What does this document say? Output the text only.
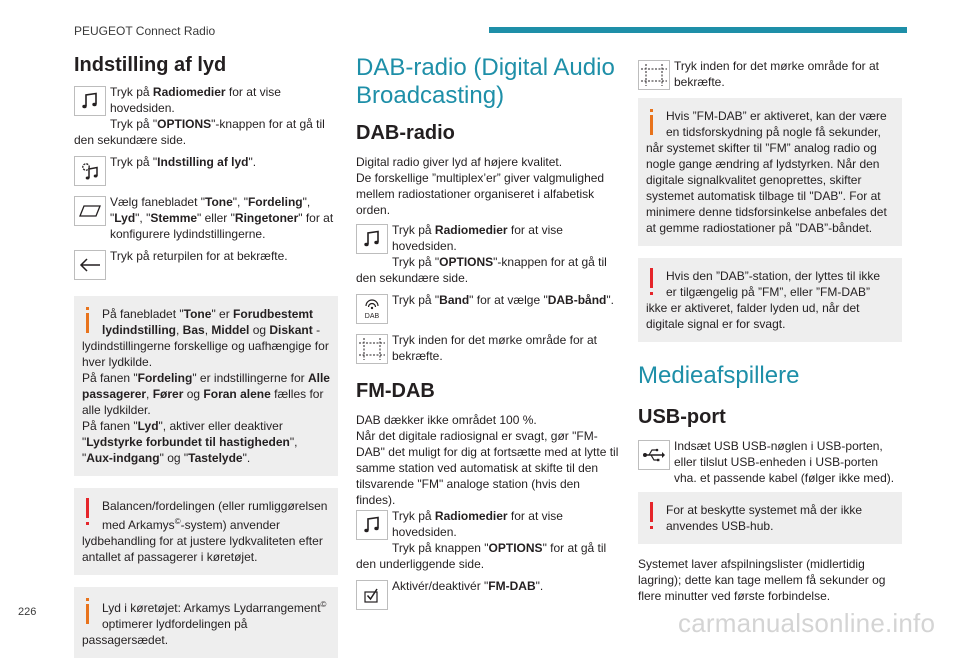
PEUGEOT Connect Radio
Indstilling af lyd
Tryk på Radiomedier for at vise hovedsiden.
Tryk på "OPTIONS"-knappen for at gå til den sekundære side.
Tryk på "Indstilling af lyd".
Vælg fanebladet "Tone", "Fordeling", "Lyd", "Stemme" eller "Ringetoner" for at konfigurere lydindstillingerne.
Tryk på returpilen for at bekræfte.

På fanebladet "Tone" er Forudbestemt lydindstilling, Bas, Middel og Diskant -lydindstillingerne forskellige og uafhængige for hver lydkilde.

På fanen "Fordeling" er indstillingerne for Alle passagerer, Fører og Foran alene fælles for alle lydkilder.

På fanen "Lyd", aktiver eller deaktiver "Lydstyrke forbundet til hastigheden", "Aux-indgang" og "Tastelyde".

Balancen/fordelingen (eller rumliggørelsen med Arkamys©-system) anvender lydbehandling for at justere lydkvaliteten efter antallet af passagerer i køretøjet.

Lyd i køretøjet: Arkamys Lydarrangement© optimerer lydfordelingen på passagersædet.

DAB-radio (Digital Audio Broadcasting)
DAB-radio

Digital radio giver lyd af højere kvalitet.

De forskellige ”multiplex’er” giver valgmulighed mellem radiostationer organiseret i alfabetisk orden.

Tryk på Radiomedier for at vise hovedsiden.
Tryk på "OPTIONS"-knappen for at gå til den sekundære side.
DAB
Tryk på "Band" for at vælge "DAB-bånd".
Tryk inden for det mørke område for at bekræfte.
FM-DAB

DAB dækker ikke området 100 %.

Når det digitale radiosignal er svagt, gør "FM-DAB" det muligt for dig at fortsætte med at lytte til samme station ved automatisk at skifte til den tilsvarende "FM" analoge station (hvis den findes).

Tryk på Radiomedier for at vise hovedsiden.
Tryk på knappen "OPTIONS" for at gå til den underliggende side.
Aktivér/deaktivér "FM-DAB".
Tryk inden for det mørke område for at bekræfte.

Hvis ”FM-DAB” er aktiveret, kan der være en tidsforskydning på nogle få sekunder, når systemet skifter til ”FM” analog radio og nogle gange ændring af lydstyrken. Når den digitale signalkvalitet genoprettes, skifter systemet automatisk tilbage til "DAB". For at minimere denne tidsforsinkelse anbefales det at gemme radiostationer på ”DAB”-båndet.

Hvis den ”DAB”-station, der lyttes til ikke er tilgængelig på ”FM”, eller ”FM-DAB” ikke er aktiveret, falder lyden ud, når det digitale signal er for svagt.

Medieafspillere
USB-port
Indsæt USB USB-nøglen i USB-porten, eller tilslut USB-enheden i USB-porten vha. et passende kabel (følger ikke med).

For at beskytte systemet må der ikke anvendes USB-hub.

Systemet laver afspilningslister (midlertidig lagring); dette kan tage mellem få sekunder og flere minutter ved første forbindelse.

226	carmanualsonline.info
